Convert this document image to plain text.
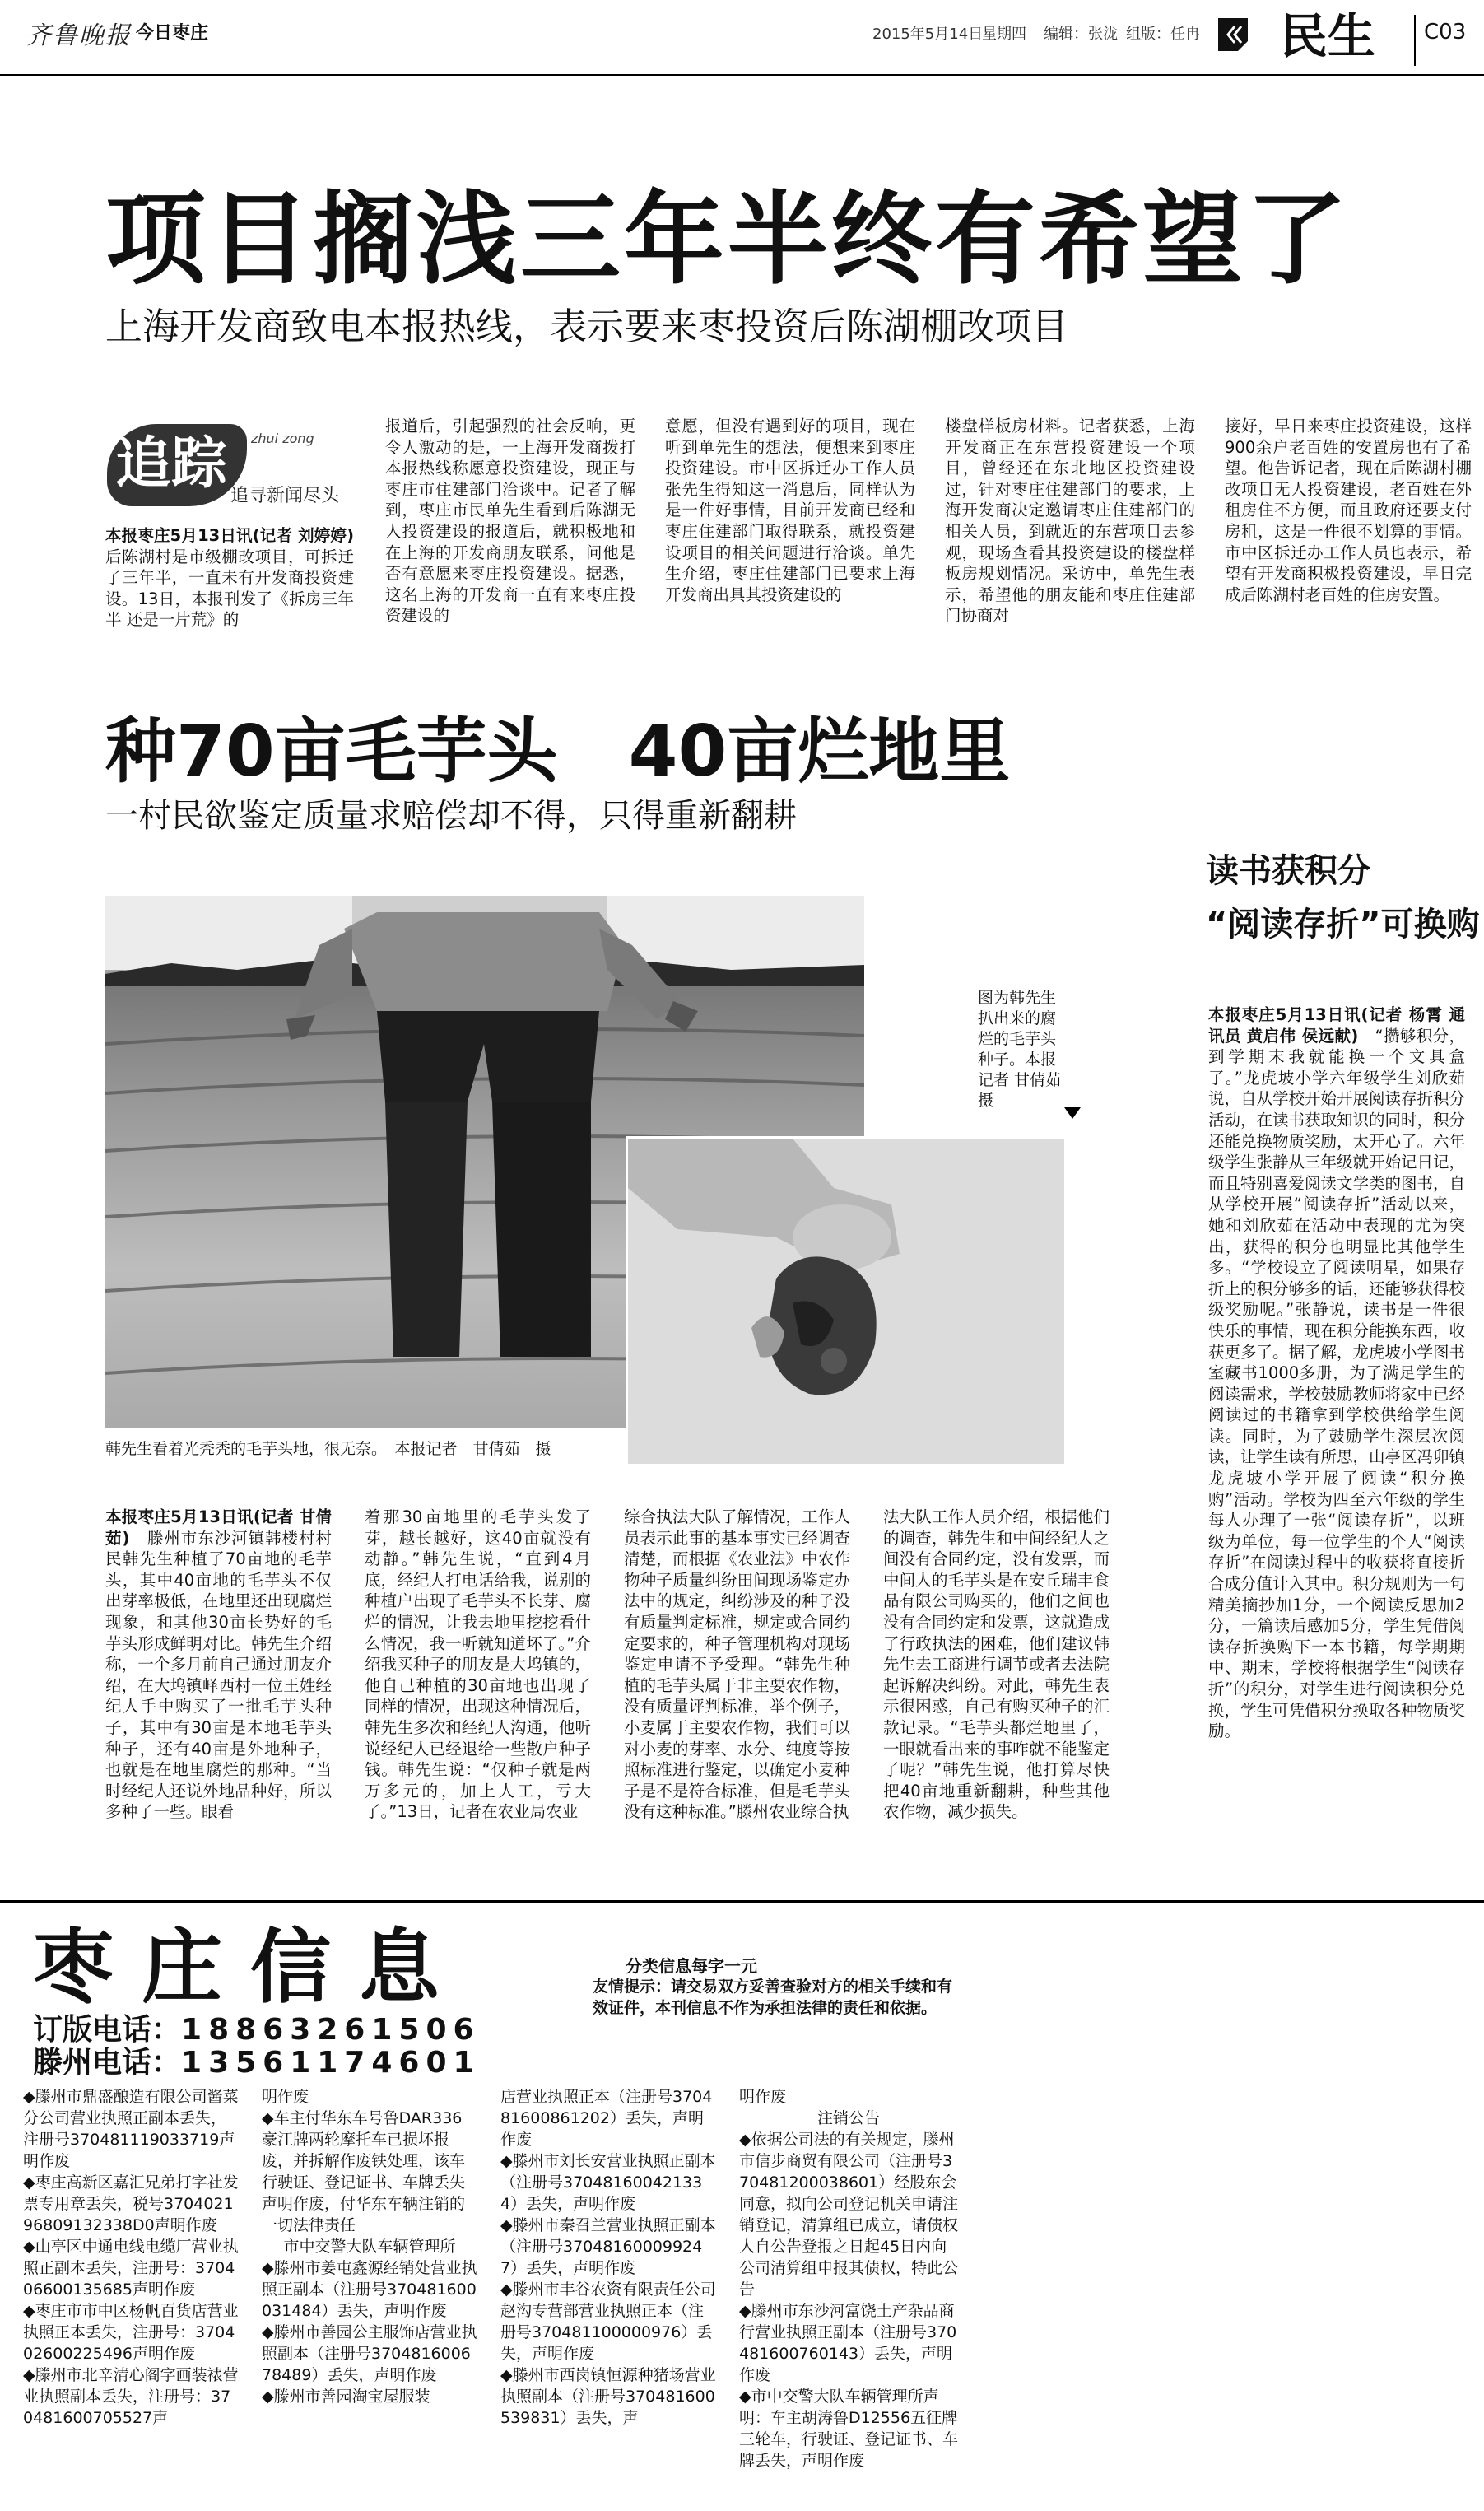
齐鲁晚报 今日枣庄	2015年5月14日
星期四 编辑：张泷 组版：任冉 民生 C03
项目搁浅三年半终有希望了
上海开发商致电本报热线，表示要来枣投资后陈湖棚改项目
追踪 zhui zong
追寻新闻尽头

本报枣庄5月13日讯(记者 刘婷婷)　后陈湖村是市级棚改项目，可拆迁了三年半，一直未有开发商投资建设。13日，本报刊发了《拆房三年半 还是一片荒》的

报道后，引起强烈的社会反响，更令人激动的是，一上海开发商拨打本报热线称愿意投资建设，现正与枣庄市住建部门洽谈中。记者了解到，枣庄市民单先生看到后陈湖无人投资建设的报道后，就积极地和在上海的开发商朋友联系，问他是否有意愿来枣庄投资建设。据悉，这名上海的开发商一直有来枣庄投资建设的

意愿，但没有遇到好的项目，现在听到单先生的想法，便想来到枣庄投资建设。市中区拆迁办工作人员张先生得知这一消息后，同样认为是一件好事情，目前开发商已经和枣庄住建部门取得联系，就投资建设项目的相关问题进行洽谈。单先生介绍，枣庄住建部门已要求上海开发商出具其投资建设的

楼盘样板房材料。记者获悉，上海开发商正在东营投资建设一个项目，曾经还在东北地区投资建设过，针对枣庄住建部门的要求，上海开发商决定邀请枣庄住建部门的相关人员，到就近的东营项目去参观，现场查看其投资建设的楼盘样板房规划情况。采访中，单先生表示，希望他的朋友能和枣庄住建部门协商对

接好，早日来枣庄投资建设，这样900余户老百姓的安置房也有了希望。他告诉记者，现在后陈湖村棚改项目无人投资建设，老百姓在外租房住不方便，而且政府还要支付房租，这是一件很不划算的事情。市中区拆迁办工作人员也表示，希望有开发商积极投资建设，早日完成后陈湖村老百姓的住房安置。

种70亩毛芋头　40亩烂地里
一村民欲鉴定质量求赔偿却不得，只得重新翻耕
图为韩先生扒出来的腐烂的毛芋头种子。本报记者 甘倩茹 摄
韩先生看着光秃秃的毛芋头地，很无奈。　本报记者　甘倩茹　摄

本报枣庄5月13日讯(记者 甘倩茹)　 滕州市东沙河镇韩楼村村民韩先生种植了70亩地的毛芋头，其中40亩地的毛芋头不仅出芽率极低，在地里还出现腐烂现象，和其他30亩长势好的毛芋头形成鲜明对比。韩先生介绍称，一个多月前自己通过朋友介绍，在大坞镇峄西村一位王姓经纪人手中购买了一批毛芋头种子，其中有30亩是本地毛芋头种子，还有40亩是外地种子，也就是在地里腐烂的那种。“当时经纪人还说外地品种好，所以多种了一些。眼看

着那30亩地里的毛芋头发了芽，越长越好，这40亩就没有动静。”韩先生说，“直到4月底，经纪人打电话给我，说别的种植户出现了毛芋头不长芽、腐烂的情况，让我去地里挖挖看什么情况，我一听就知道坏了。”介绍我买种子的朋友是大坞镇的，他自己种植的30亩地也出现了同样的情况，出现这种情况后，韩先生多次和经纪人沟通，他听说经纪人已经退给一些散户种子钱。韩先生说：“仅种子就是两万多元的，加上人工，亏大了。”13日，记者在农业局农业

综合执法大队了解情况，工作人员表示此事的基本事实已经调查清楚，而根据《农业法》中农作物种子质量纠纷田间现场鉴定办法中的规定，纠纷涉及的种子没有质量判定标准，规定或合同约定要求的，种子管理机构对现场鉴定申请不予受理。“韩先生种植的毛芋头属于非主要农作物，没有质量评判标准，举个例子，小麦属于主要农作物，我们可以对小麦的芽率、水分、纯度等按照标准进行鉴定，以确定小麦种子是不是符合标准，但是毛芋头没有这种标准。”滕州农业综合执

法大队工作人员介绍，根据他们的调查，韩先生和中间经纪人之间没有合同约定，没有发票，而中间人的毛芋头是在安丘瑞丰食品有限公司购买的，他们之间也没有合同约定和发票，这就造成了行政执法的困难，他们建议韩先生去工商进行调节或者去法院起诉解决纠纷。对此，韩先生表示很困惑，自己有购买种子的汇款记录。“毛芋头都烂地里了，一眼就看出来的事咋就不能鉴定了呢？”韩先生说，他打算尽快把40亩地重新翻耕，种些其他农作物，减少损失。

读书获积分
“阅读存折”可换购

本报枣庄5月13日讯(记者 杨霄 通讯员 黄启伟 侯远献)　 “攒够积分，到学期末我就能换一个文具盒了。”龙虎坡小学六年级学生刘欣茹说，自从学校开始开展阅读存折积分活动，在读书获取知识的同时，积分还能兑换物质奖励，太开心了。六年级学生张静从三年级就开始记日记，而且特别喜爱阅读文学类的图书，自从学校开展“阅读存折”活动以来，她和刘欣茹在活动中表现的尤为突出，获得的积分也明显比其他学生多。“学校设立了阅读明星，如果存折上的积分够多的话，还能够获得校级奖励呢。”张静说，读书是一件很快乐的事情，现在积分能换东西，收获更多了。据了解，龙虎坡小学图书室藏书1000多册，为了满足学生的阅读需求，学校鼓励教师将家中已经阅读过的书籍拿到学校供给学生阅读。同时，为了鼓励学生深层次阅读，让学生读有所思，山亭区冯卯镇龙虎坡小学开展了阅读“积分换购”活动。学校为四至六年级的学生每人办理了一张“阅读存折”，以班级为单位，每一位学生的个人“阅读存折”在阅读过程中的收获将直接折合成分值计入其中。积分规则为一句精美摘抄加1分，一个阅读反思加2分，一篇读后感加5分，学生凭借阅读存折换购下一本书籍，每学期期中、期末，学校将根据学生“阅读存折”的积分，对学生进行阅读积分兑换，学生可凭借积分换取各种物质奖励。

枣庄信息
订版电话：18863261506
滕州电话：13561174601
分类信息每字一元
友情提示：请交易双方妥善查验对方的相关手续和有效证件，本刊信息不作为承担法律的责任和依据。
◆滕州市鼎盛酿造有限公司酱菜分公司营业执照正副本丢失，注册号370481119033719声明作废
◆枣庄高新区嘉汇兄弟打字社发票专用章丢失，税号370402196809132338D0声明作废
◆山亭区中通电线电缆厂营业执照正副本丢失，注册号：370406600135685声明作废
◆枣庄市市中区杨帆百货店营业执照正本丢失，注册号：370402600225496声明作废
◆滕州市北辛清心阁字画装裱营业执照副本丢失，注册号：370481600705527声
明作废
◆车主付华东车号鲁DAR336豪江牌两轮摩托车已损坏报废，并拆解作废铁处理，该车行驶证、登记证书、车牌丢失声明作废，付华东车辆注销的一切法律责任
市中交警大队车辆管理所
◆滕州市姜屯鑫源经销处营业执照正副本（注册号370481600031484）丢失，声明作废
◆滕州市善园公主服饰店营业执照副本（注册号370481600678489）丢失，声明作废
◆滕州市善园淘宝屋服装
店营业执照正本（注册号370481600861202）丢失，声明作废
◆滕州市刘长安营业执照正副本（注册号370481600421334）丢失，声明作废
◆滕州市秦召兰营业执照正副本（注册号370481600099247）丢失，声明作废
◆滕州市丰谷农资有限责任公司赵沟专营部营业执照正本（注册号370481100000976）丢失，声明作废
◆滕州市西岗镇恒源种猪场营业执照副本（注册号370481600539831）丢失，声
明作废
注销公告
◆依据公司法的有关规定，滕州市信步商贸有限公司（注册号370481200038601）经股东会同意，拟向公司登记机关申请注销登记，清算组已成立，请债权人自公告登报之日起45日内向公司清算组申报其债权，特此公告
◆滕州市东沙河富饶土产杂品商行营业执照正副本（注册号370481600760143）丢失，声明作废
◆市中交警大队车辆管理所声明：车主胡涛鲁D12556五征牌三轮车，行驶证、登记证书、车牌丢失，声明作废
